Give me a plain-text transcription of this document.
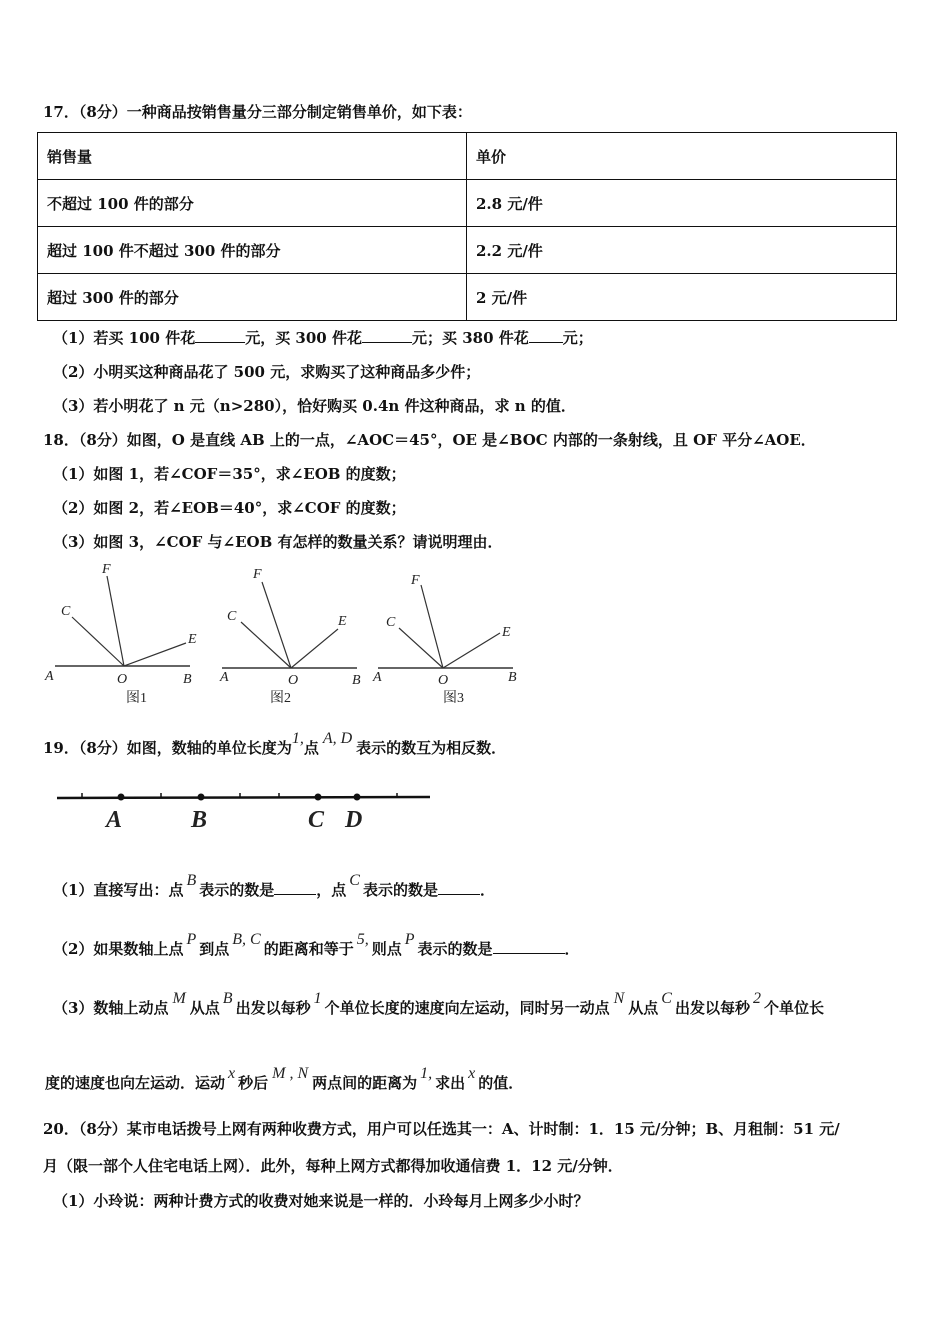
17．（8分）一种商品按销售量分三部分制定销售单价，如下表：
销售量	单价
不超过 100 件的部分	2.8 元/件
超过 100 件不超过 300 件的部分	2.2 元/件
超过 300 件的部分	2 元/件
（1）若买 100 件花	元，买 300 件花	元；买 380 件花 元；
（2）小明买这种商品花了 500 元，求购买了这种商品多少件；
（3）若小明花了 n 元（n>280），恰好购买 0.4n 件这种商品，求 n 的值．
18．（8分）如图，O 是直线 AB 上的一点，∠AOC＝45°，OE 是∠BOC 内部的一条射线，且 OF 平分∠AOE．
（1）如图 1，若∠COF＝35°，求∠EOB 的度数；
（2）如图 2，若∠EOB＝40°，求∠COF 的度数；
（3）如图 3，∠COF 与∠EOB 有怎样的数量关系？请说明理由．
A	B
C
O
E
F
图1
A	B
C
O
E
F
图2
A	B
C
O
E
F
图3
A	B	C D
19．（8分）如图，数轴的单位长度为1,点A, D表示的数互为相反数．
（1）直接写出：点B表示的数是	，点C表示的数是	．
（2）如果数轴上点P到点B, C的距离和等于5,则点P表示的数是	．
（3）数轴上动点M从点B出发以每秒1个单位长度的速度向左运动，同时另一动点N从点C出发以每秒2个单位长
度的速度也向左运动．运动x秒后M , N两点间的距离为1,求出x的值．
20．（8分）某市电话拨号上网有两种收费方式，用户可以任选其一：A、计时制：1．15 元/分钟；B、月租制：51 元/
月（限一部个人住宅电话上网）．此外，每种上网方式都得加收通信费 1．12 元/分钟．
（1）小玲说：两种计费方式的收费对她来说是一样的．小玲每月上网多少小时？
